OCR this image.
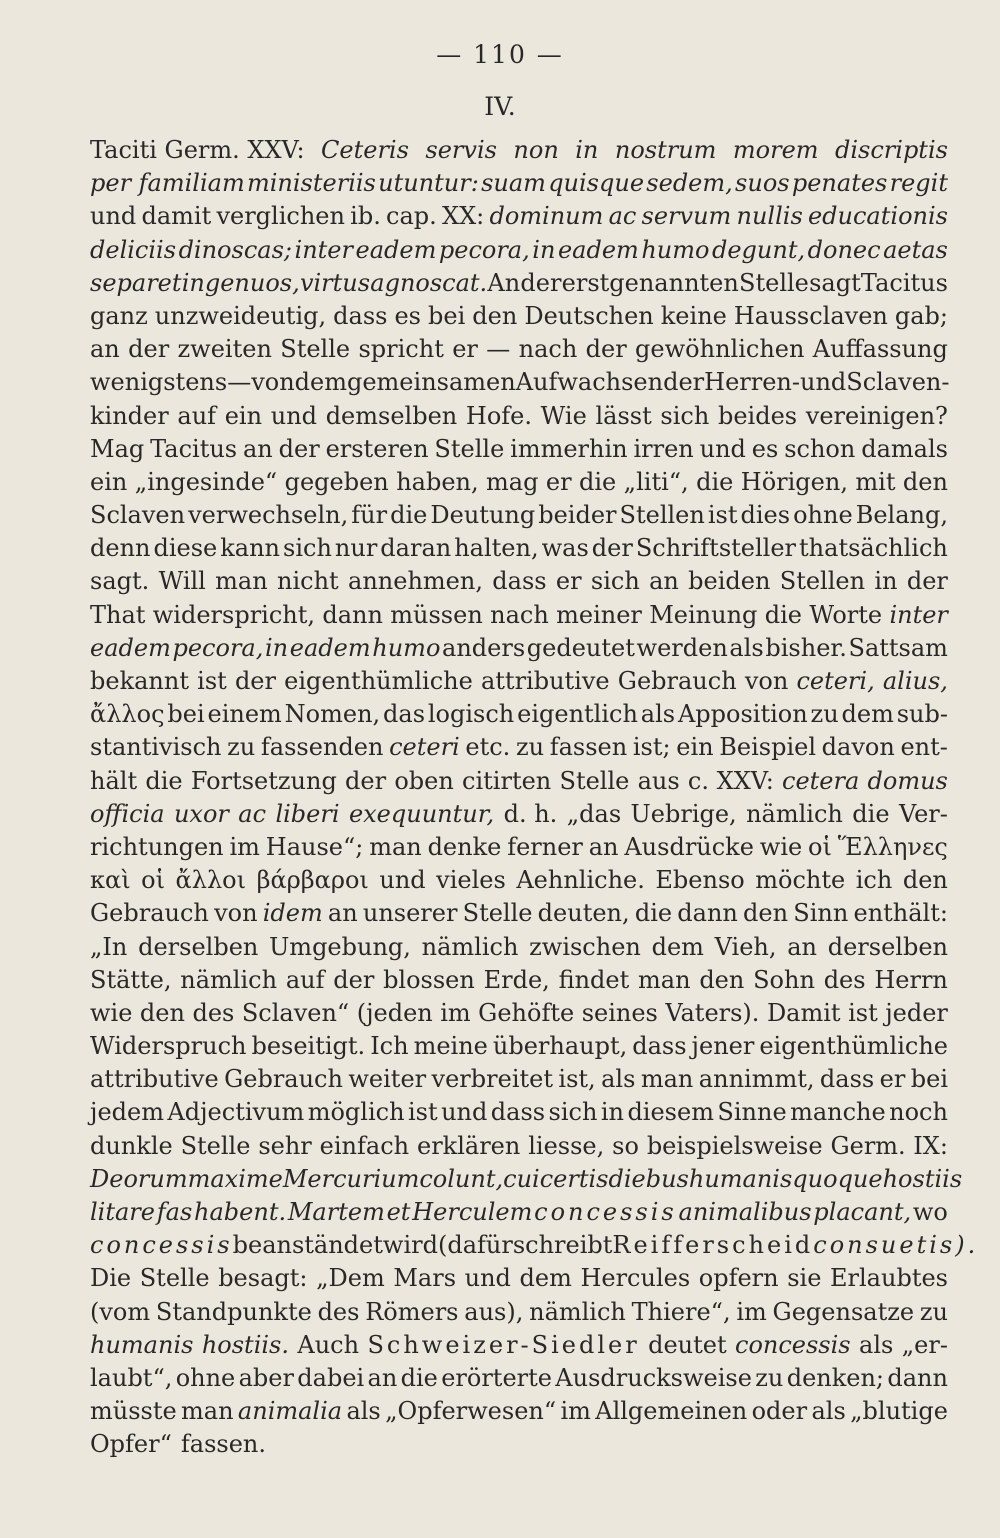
— 110 —
IV.
Taciti Germ. XXV: Ceteris servis non in nostrum morem discriptis
per familiam ministeriis utuntur: suam quisque sedem, suos penates regit
und damit verglichen ib. cap. XX: dominum ac servum nullis educationis
deliciis dinoscas; inter eadem pecora, in eadem humo degunt, donec aetas
separet ingenuos, virtus agnoscat. An der erstgenannten Stelle sagt Tacitus
ganz unzweideutig, dass es bei den Deutschen keine Haussclaven gab;
an der zweiten Stelle spricht er — nach der gewöhnlichen Auffassung
wenigstens — von dem gemeinsamen Aufwachsen der Herren- und Sclaven-
kinder auf ein und demselben Hofe. Wie lässt sich beides vereinigen?
Mag Tacitus an der ersteren Stelle immerhin irren und es schon damals
ein „ingesinde“ gegeben haben, mag er die „liti“, die Hörigen, mit den
Sclaven verwechseln, für die Deutung beider Stellen ist dies ohne Belang,
denn diese kann sich nur daran halten, was der Schriftsteller thatsächlich
sagt. Will man nicht annehmen, dass er sich an beiden Stellen in der
That widerspricht, dann müssen nach meiner Meinung die Worte inter
eadem pecora, in eadem humo anders gedeutet werden als bisher. Sattsam
bekannt ist der eigenthümliche attributive Gebrauch von ceteri, alius,
ἄλλος bei einem Nomen, das logisch eigentlich als Apposition zu dem sub-
stantivisch zu fassenden ceteri etc. zu fassen ist; ein Beispiel davon ent-
hält die Fortsetzung der oben citirten Stelle aus c. XXV: cetera domus
officia uxor ac liberi exequuntur, d. h. „das Uebrige, nämlich die Ver-
richtungen im Hause“; man denke ferner an Ausdrücke wie οἱ Ἕλληνες
καὶ οἱ ἄλλοι βάρβαροι und vieles Aehnliche. Ebenso möchte ich den
Gebrauch von idem an unserer Stelle deuten, die dann den Sinn enthält:
„In derselben Umgebung, nämlich zwischen dem Vieh, an derselben
Stätte, nämlich auf der blossen Erde, findet man den Sohn des Herrn
wie den des Sclaven“ (jeden im Gehöfte seines Vaters). Damit ist jeder
Widerspruch beseitigt. Ich meine überhaupt, dass jener eigenthümliche
attributive Gebrauch weiter verbreitet ist, als man annimmt, dass er bei
jedem Adjectivum möglich ist und dass sich in diesem Sinne manche noch
dunkle Stelle sehr einfach erklären liesse, so beispielsweise Germ. IX:
Deorum maxime Mercurium colunt, cui certis diebus humanis quoque hostiis
litare fas habent. Martem et Herculem concessis animalibus placant, wo
concessis beanständet wird (dafür schreibt Reifferscheid consuetis).
Die Stelle besagt: „Dem Mars und dem Hercules opfern sie Erlaubtes
(vom Standpunkte des Römers aus), nämlich Thiere“, im Gegensatze zu
humanis hostiis. Auch Schweizer-Siedler deutet concessis als „er-
laubt“, ohne aber dabei an die erörterte Ausdrucksweise zu denken; dann
müsste man animalia als „Opferwesen“ im Allgemeinen oder als „blutige
Opfer“ fassen.
